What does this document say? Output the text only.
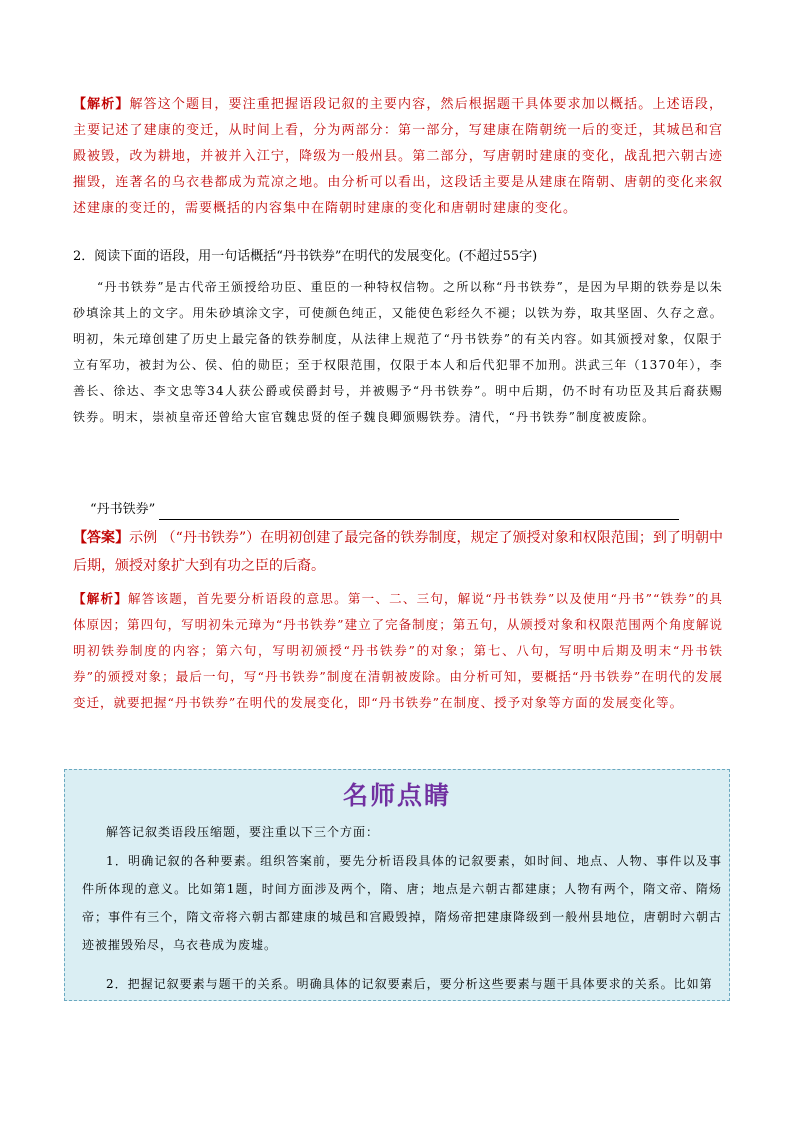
【解析】解答这个题目，要注重把握语段记叙的主要内容，然后根据题干具体要求加以概括。上述语段，主要记述了建康的变迁，从时间上看，分为两部分：第一部分，写建康在隋朝统一后的变迁，其城邑和宫殿被毁，改为耕地，并被并入江宁，降级为一般州县。第二部分，写唐朝时建康的变化，战乱把六朝古迹摧毁，连著名的乌衣巷都成为荒凉之地。由分析可以看出，这段话主要是从建康在隋朝、唐朝的变化来叙述建康的变迁的，需要概括的内容集中在隋朝时建康的变化和唐朝时建康的变化。
2．阅读下面的语段，用一句话概括“丹书铁券”在明代的发展变化。(不超过55字)
“丹书铁券”是古代帝王颁授给功臣、重臣的一种特权信物。之所以称“丹书铁券”，是因为早期的铁券是以朱砂填涂其上的文字。用朱砂填涂文字，可使颜色纯正，又能使色彩经久不褪；以铁为券，取其坚固、久存之意。明初，朱元璋创建了历史上最完备的铁券制度，从法律上规范了“丹书铁券”的有关内容。如其颁授对象，仅限于立有军功，被封为公、侯、伯的勋臣；至于权限范围，仅限于本人和后代犯罪不加刑。洪武三年（1370年），李善长、徐达、李文忠等34人获公爵或侯爵封号，并被赐予“丹书铁券”。明中后期，仍不时有功臣及其后裔获赐铁券。明末，崇祯皇帝还曾给大宦官魏忠贤的侄子魏良卿颁赐铁券。清代，“丹书铁券”制度被废除。
“丹书铁券”
【答案】示例 （“丹书铁券”）在明初创建了最完备的铁券制度，规定了颁授对象和权限范围；到了明朝中后期，颁授对象扩大到有功之臣的后裔。
【解析】解答该题，首先要分析语段的意思。第一、二、三句，解说“丹书铁券”以及使用“丹书”“铁券”的具体原因；第四句，写明初朱元璋为“丹书铁券”建立了完备制度；第五句，从颁授对象和权限范围两个角度解说明初铁券制度的内容；第六句，写明初颁授“丹书铁券”的对象；第七、八句，写明中后期及明末“丹书铁券”的颁授对象；最后一句，写“丹书铁券”制度在清朝被废除。由分析可知，要概括“丹书铁券”在明代的发展变迁，就要把握“丹书铁券”在明代的发展变化，即“丹书铁券”在制度、授予对象等方面的发展变化等。
名师点睛
解答记叙类语段压缩题，要注重以下三个方面：
1．明确记叙的各种要素。组织答案前，要先分析语段具体的记叙要素，如时间、地点、人物、事件以及事件所体现的意义。比如第1题，时间方面涉及两个，隋、唐；地点是六朝古都建康；人物有两个，隋文帝、隋炀帝；事件有三个，隋文帝将六朝古都建康的城邑和宫殿毁掉，隋炀帝把建康降级到一般州县地位，唐朝时六朝古迹被摧毁殆尽，乌衣巷成为废墟。
2．把握记叙要素与题干的关系。明确具体的记叙要素后，要分析这些要素与题干具体要求的关系。比如第
